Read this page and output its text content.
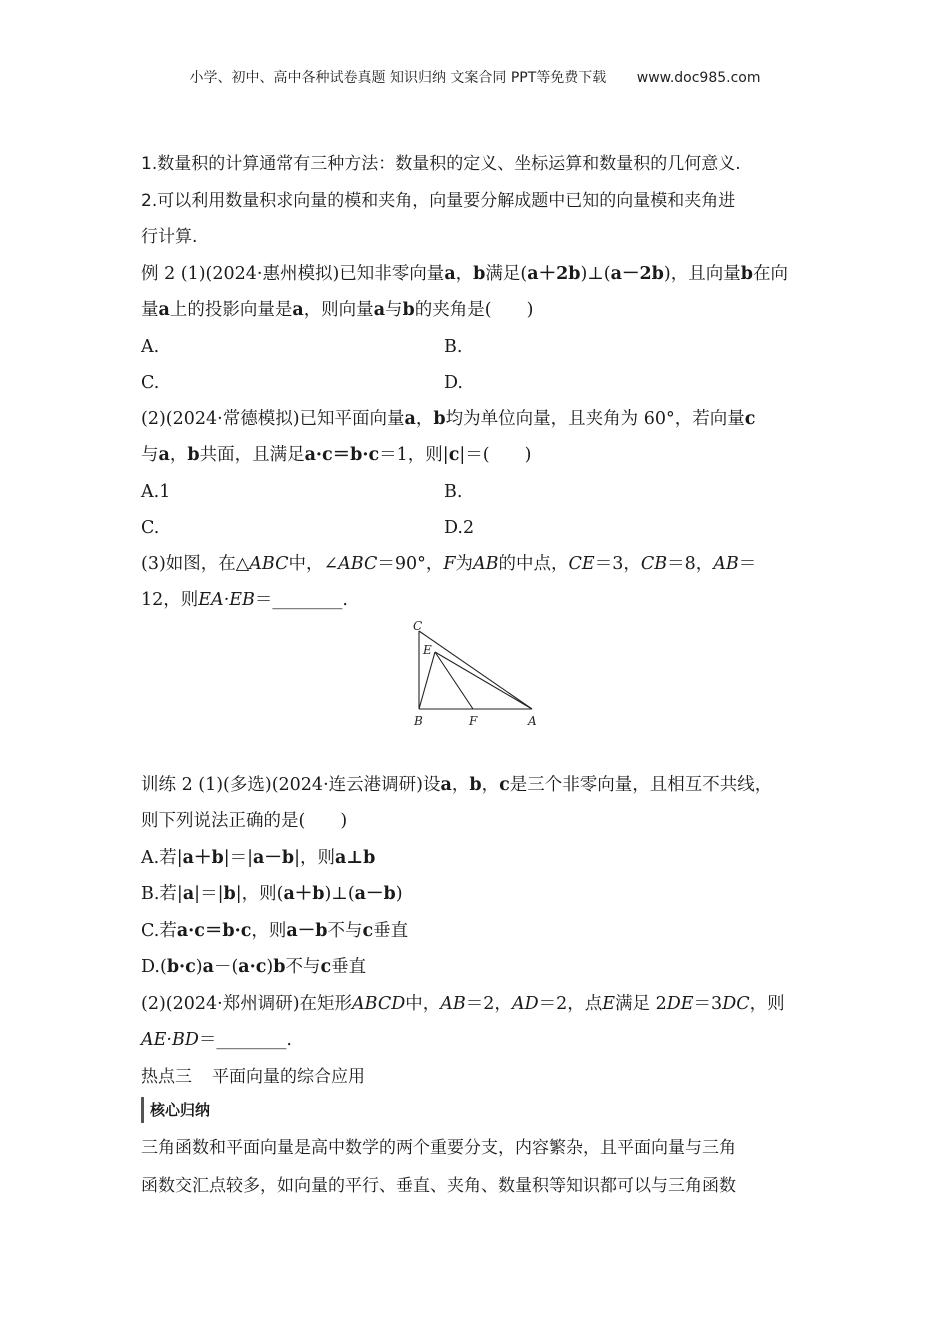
小学、初中、高中各种试卷真题 知识归纳 文案合同 PPT等免费下载 www.doc985.com
1.数量积的计算通常有三种方法：数量积的定义、坐标运算和数量积的几何意义.
2.可以利用数量积求向量的模和夹角，向量要分解成题中已知的向量模和夹角进
行计算.
例 2 (1)(2024·惠州模拟)已知非零向量a，b满足(a＋2b)⊥(a－2b)，且向量b在向
量a上的投影向量是a，则向量a与b的夹角是(　　)
A.	B.
C.	D.
(2)(2024·常德模拟)已知平面向量a，b均为单位向量，且夹角为 60°，若向量c
与a，b共面，且满足a·c＝b·c＝1，则|c|＝(　　)
A.1	B.
C.	D.2
(3)如图，在△ABC中，∠ABC＝90°，F为AB的中点，CE＝3，CB＝8，AB＝
12，则EA·EB＝________.
C
E
B	F	A
训练 2 (1)(多选)(2024·连云港调研)设a，b，c是三个非零向量，且相互不共线，
则下列说法正确的是(　　)
A.若|a＋b|＝|a－b|，则a⊥b
B.若|a|＝|b|，则(a＋b)⊥(a－b)
C.若a·c＝b·c，则a－b不与c垂直
D.(b·c)a－(a·c)b不与c垂直
(2)(2024·郑州调研)在矩形ABCD中，AB＝2，AD＝2，点E满足 2DE＝3DC，则
AE·BD＝________.
热点三 平面向量的综合应用
核心归纳
三角函数和平面向量是高中数学的两个重要分支，内容繁杂，且平面向量与三角
函数交汇点较多，如向量的平行、垂直、夹角、数量积等知识都可以与三角函数
